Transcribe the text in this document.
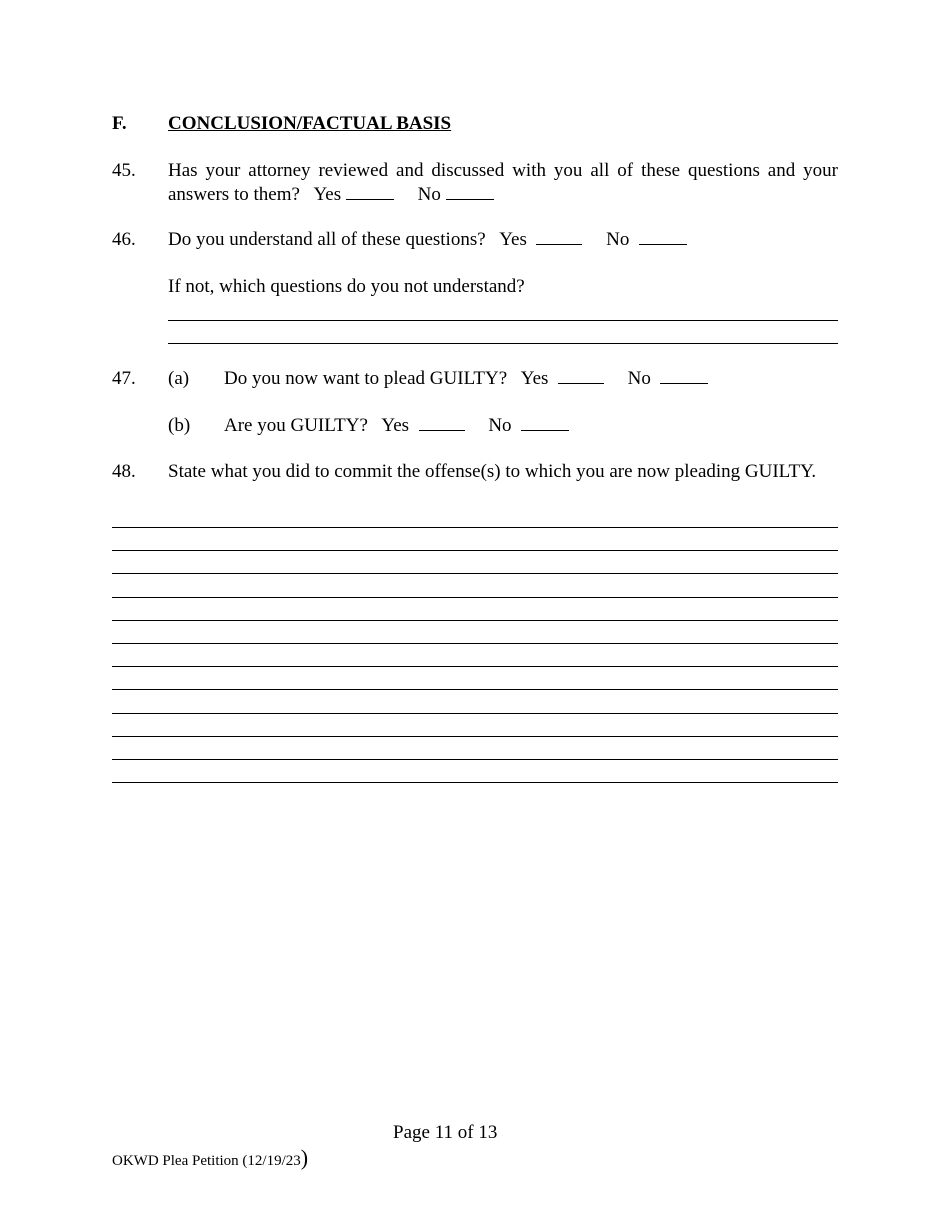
F. CONCLUSION/FACTUAL BASIS
45. Has your attorney reviewed and discussed with you all of these questions and your answers to them? Yes	No
46. Do you understand all of these questions? Yes	No
If not, which questions do you not understand?
47. (a) Do you now want to plead GUILTY? Yes	No
(b) Are you GUILTY? Yes	No
48. State what you did to commit the offense(s) to which you are now pleading GUILTY.
Page 11 of 13
OKWD Plea Petition (12/19/23)
